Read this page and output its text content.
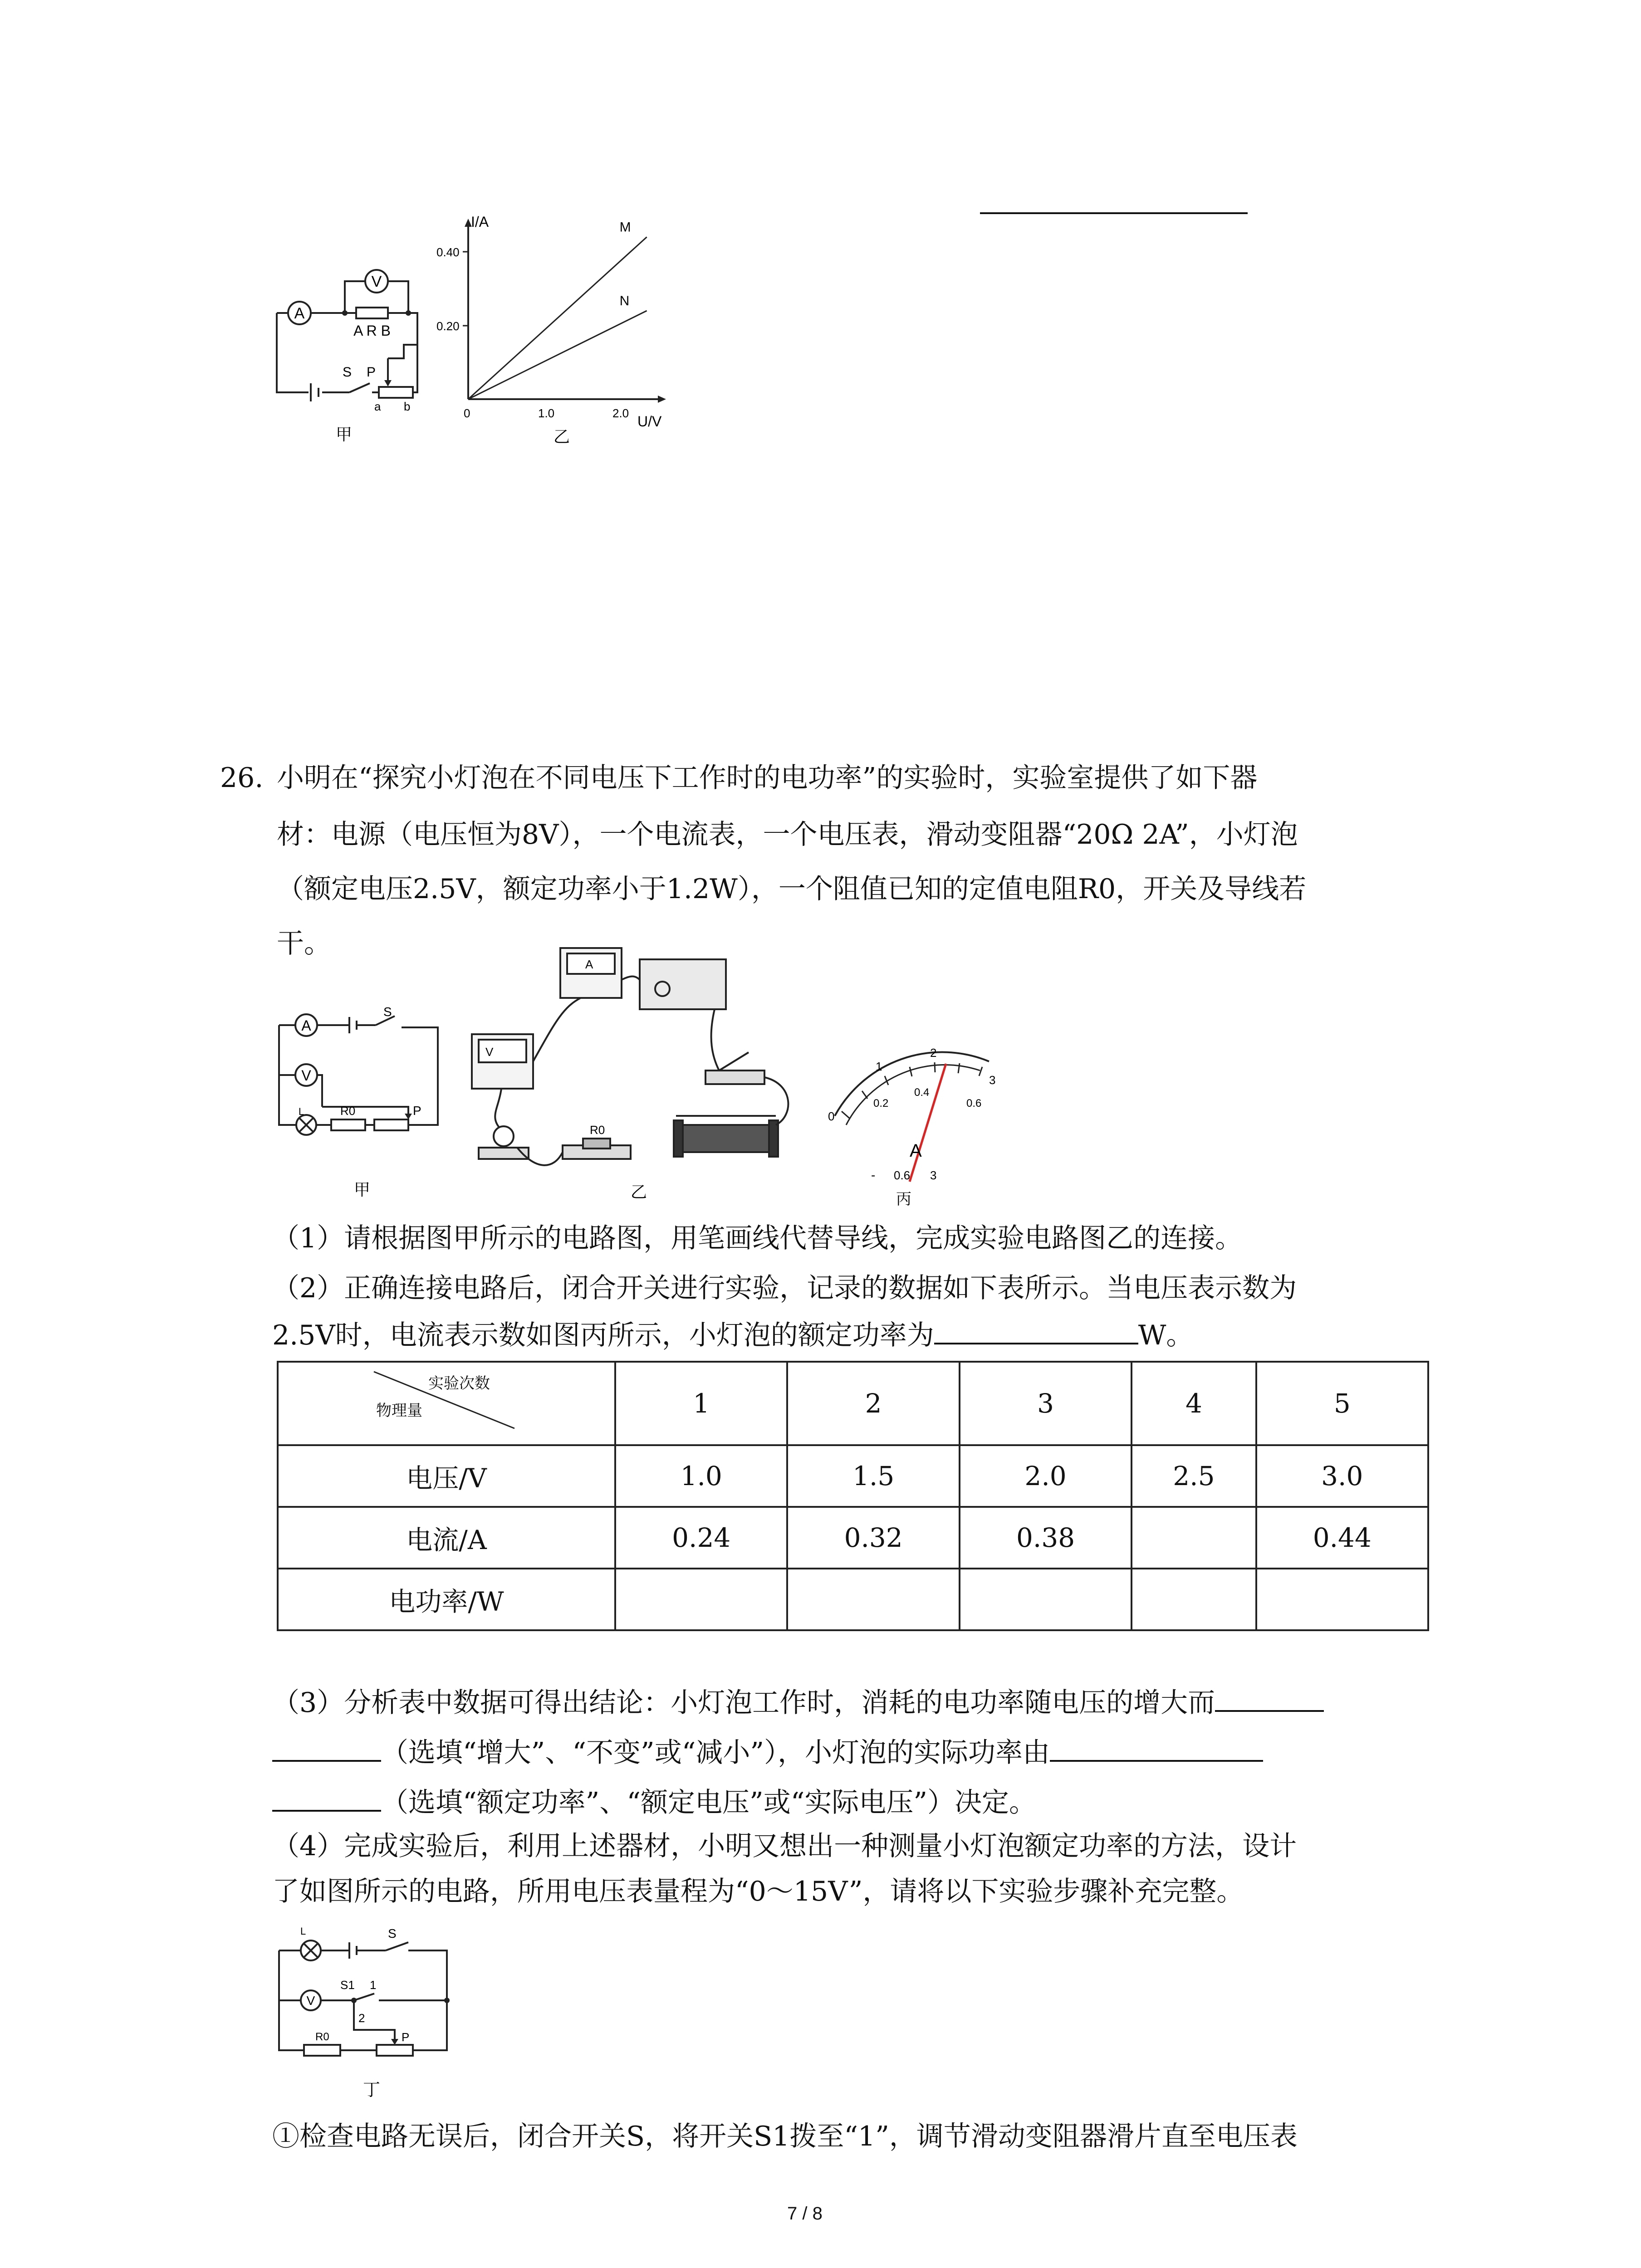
A
V
A R B
S P
a b
甲
I/A
0.40
0.20
0	1.0	2.0 U/V
M
N
乙
26. 小明在“探究小灯泡在不同电压下工作时的电功率”的实验时，实验室提供了如下器
材：电源（电压恒为8V），一个电流表，一个电压表，滑动变阻器“20Ω 2A”，小灯泡
（额定电压2.5V，额定功率小于1.2W），一个阻值已知的定值电阻R0，开关及导线若
干。
A
V
S
R0	P
L
甲
V
A
R0
乙
0
1
2
3
0.2
0.4
0.6
A
- 0.6 3
丙
（1）请根据图甲所示的电路图，用笔画线代替导线，完成实验电路图乙的连接。
（2）正确连接电路后，闭合开关进行实验，记录的数据如下表所示。当电压表示数为
2.5V时，电流表示数如图丙所示，小灯泡的额定功率为	W。
实验次数
物理量	1	2	3	4	5
电压/V	1.0	1.5	2.0	2.5	3.0
电流/A	0.24	0.32	0.38		0.44
电功率/W					
（3）分析表中数据可得出结论：小灯泡工作时，消耗的电功率随电压的增大而
（选填“增大”、“不变”或“减小”），小灯泡的实际功率由
（选填“额定功率”、“额定电压”或“实际电压”）决定。
（4）完成实验后，利用上述器材，小明又想出一种测量小灯泡额定功率的方法，设计
了如图所示的电路，所用电压表量程为“0～15V”，请将以下实验步骤补充完整。
L	S
S1 1
2
V
R0	P
丁
①检查电路无误后，闭合开关S，将开关S1拨至“1”，调节滑动变阻器滑片直至电压表
7 / 8
